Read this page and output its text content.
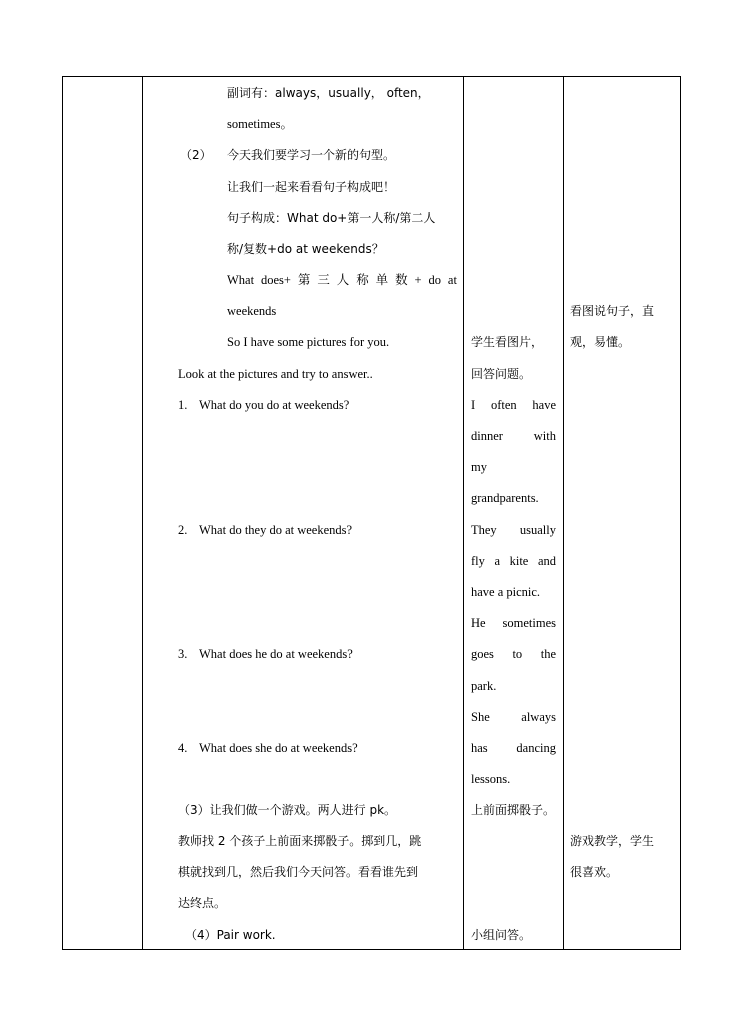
副词有：always，usually， often，
sometimes。
（2） 今天我们要学习一个新的句型。
让我们一起来看看句子构成吧！
句子构成：What do+第一人称/第二人
称/复数+do at weekends？
What does+ 第 三 人 称 单 数 + do at
weekends
So I have some pictures for you.
Look at the pictures and try to answer..
1. What do you do at weekends?
2. What do they do at weekends?
3. What does he do at weekends?
4. What does she do at weekends?
（3）让我们做一个游戏。两人进行 pk。
教师找 2 个孩子上前面来掷骰子。掷到几，跳
棋就找到几，然后我们今天问答。看看谁先到
达终点。
（4）Pair work.
学生看图片，
回答问题。
I often have
dinner with
my
grandparents.
They usually
fly a kite and
have a picnic.
He sometimes
goes to the
park.
She	always
has dancing
lessons.
上前面掷骰子。
小组问答。
看图说句子，直
观，易懂。
游戏教学，学生
很喜欢。
